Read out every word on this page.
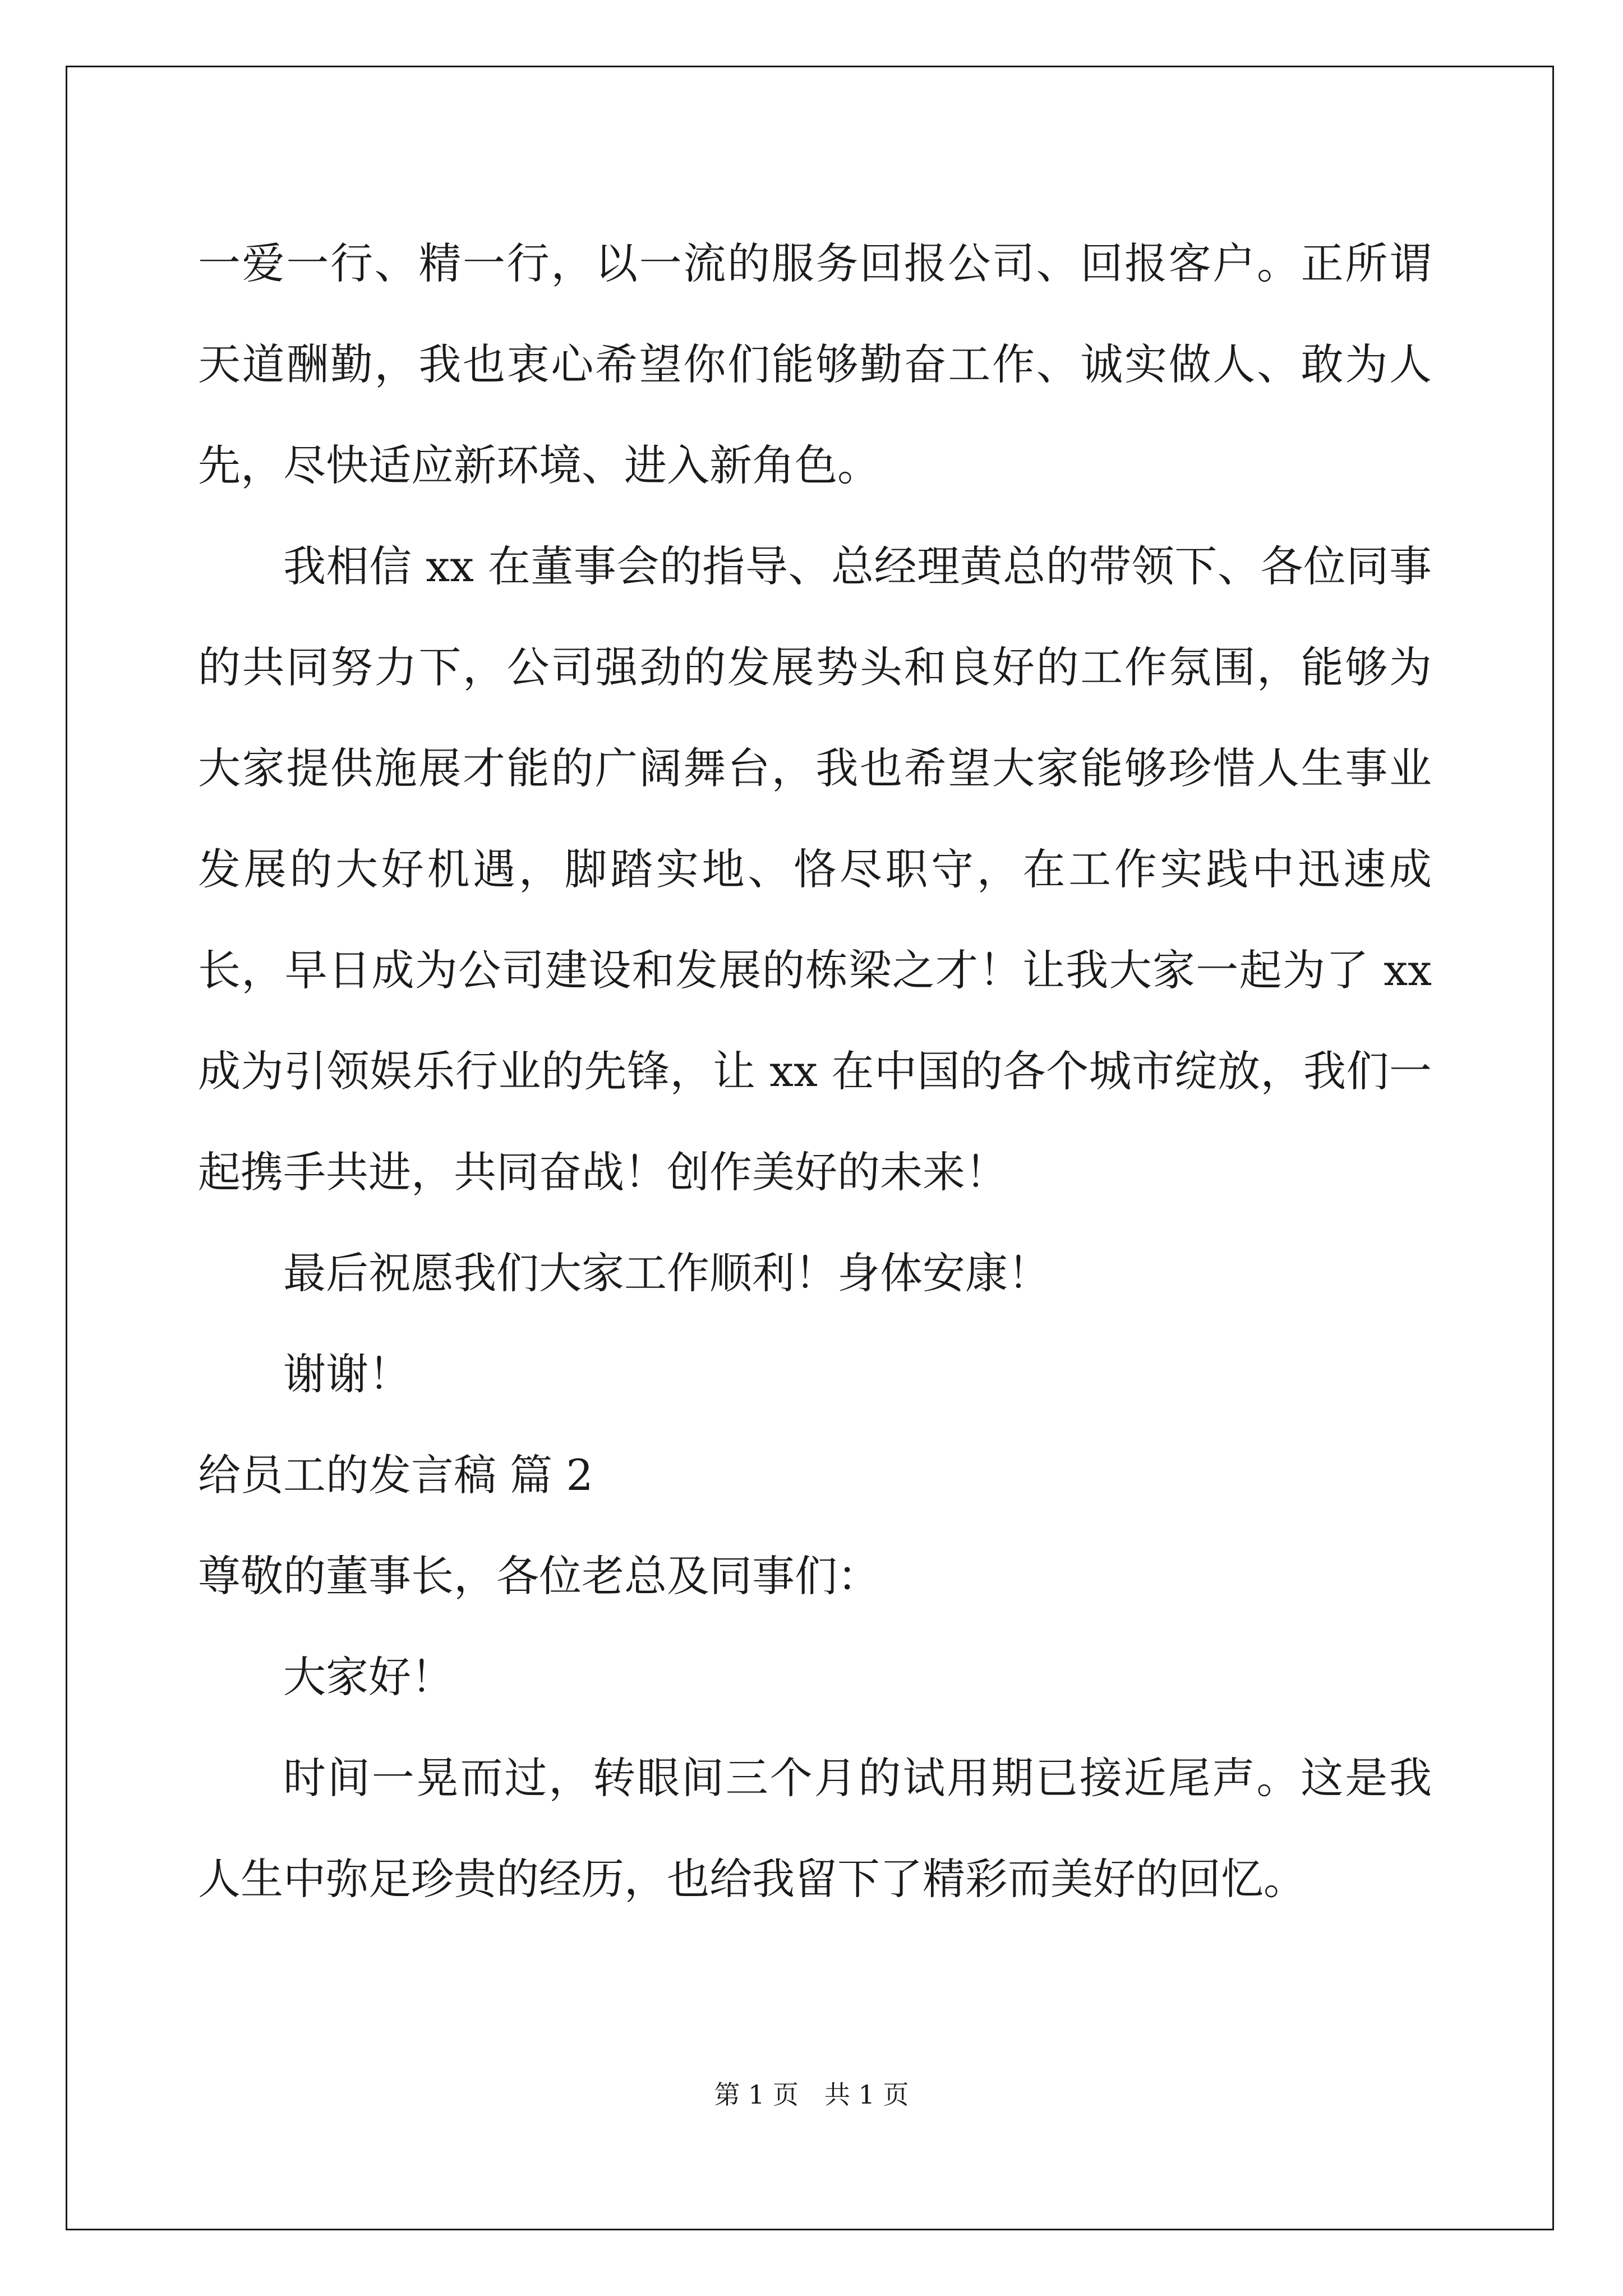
一爱一行、精一行，以一流的服务回报公司、回报客户。正所谓天道酬勤，我也衷心希望你们能够勤奋工作、诚实做人、敢为人先，尽快适应新环境、进入新角色。

我相信 xx 在董事会的指导、总经理黄总的带领下、各位同事的共同努力下，公司强劲的发展势头和良好的工作氛围，能够为大家提供施展才能的广阔舞台，我也希望大家能够珍惜人生事业发展的大好机遇，脚踏实地、恪尽职守，在工作实践中迅速成长，早日成为公司建设和发展的栋梁之才！让我大家一起为了 xx 成为引领娱乐行业的先锋，让 xx 在中国的各个城市绽放，我们一起携手共进，共同奋战！创作美好的未来！

最后祝愿我们大家工作顺利！身体安康！

谢谢！

给员工的发言稿 篇 2

尊敬的董事长，各位老总及同事们：

大家好！

时间一晃而过，转眼间三个月的试用期已接近尾声。这是我人生中弥足珍贵的经历，也给我留下了精彩而美好的回忆。

第 1 页　共 1 页
